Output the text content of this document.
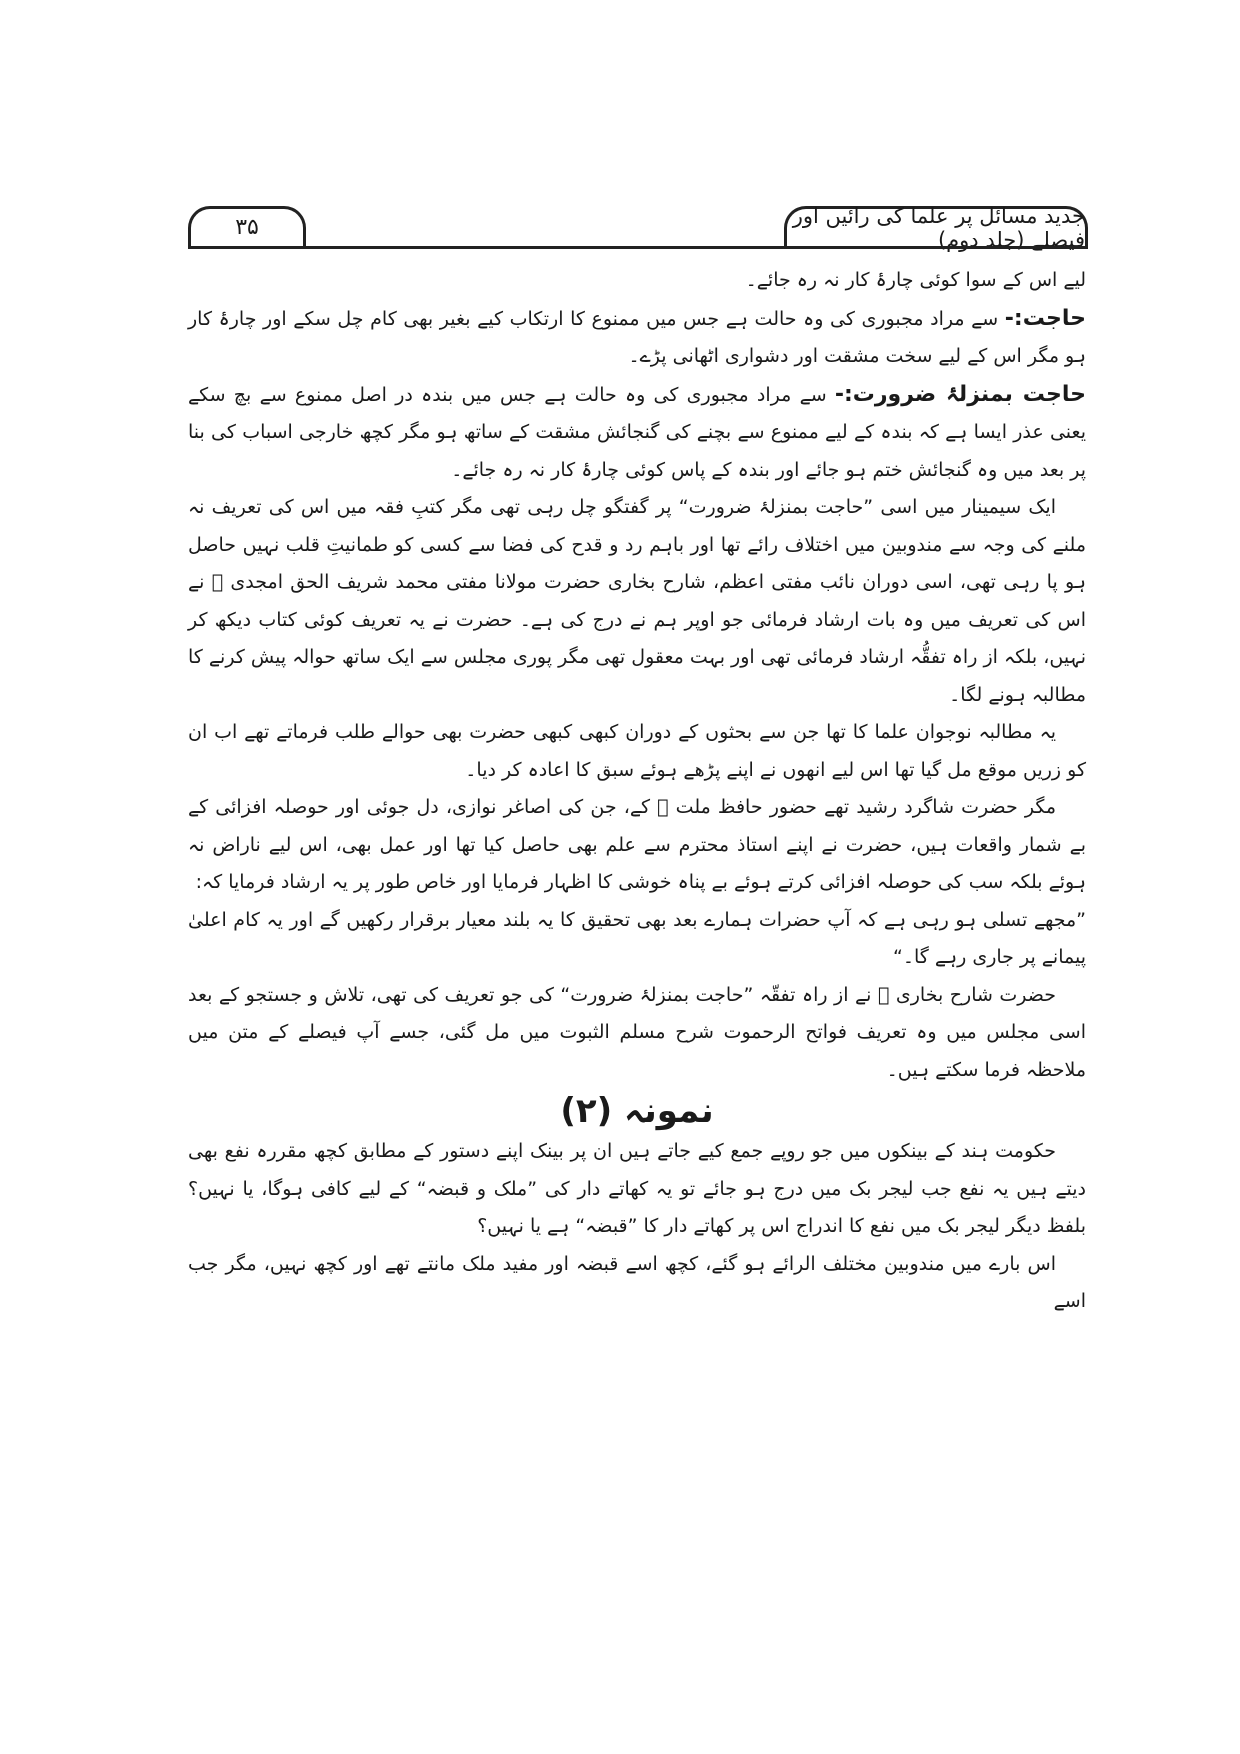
جدید مسائل پر علما کی رائیں اور فیصلے (جلد دوم)
۳۵

لیے اس کے سوا کوئی چارۂ کار نہ رہ جائے۔

حاجت:- سے مراد مجبوری کی وہ حالت ہے جس میں ممنوع کا ارتکاب کیے بغیر بھی کام چل سکے اور چارۂ کار ہو مگر اس کے لیے سخت مشقت اور دشواری اٹھانی پڑے۔

حاجت بمنزلۂ ضرورت:- سے مراد مجبوری کی وہ حالت ہے جس میں بندہ در اصل ممنوع سے بچ سکے یعنی عذر ایسا ہے کہ بندہ کے لیے ممنوع سے بچنے کی گنجائش مشقت کے ساتھ ہو مگر کچھ خارجی اسباب کی بنا پر بعد میں وہ گنجائش ختم ہو جائے اور بندہ کے پاس کوئی چارۂ کار نہ رہ جائے۔

ایک سیمینار میں اسی ”حاجت بمنزلۂ ضرورت“ پر گفتگو چل رہی تھی مگر کتبِ فقہ میں اس کی تعریف نہ ملنے کی وجہ سے مندوبین میں اختلاف رائے تھا اور باہم رد و قدح کی فضا سے کسی کو طمانیتِ قلب نہیں حاصل ہو پا رہی تھی، اسی دوران نائب مفتی اعظم، شارح بخاری حضرت مولانا مفتی محمد شریف الحق امجدی ﷫ نے اس کی تعریف میں وہ بات ارشاد فرمائی جو اوپر ہم نے درج کی ہے۔ حضرت نے یہ تعریف کوئی کتاب دیکھ کر نہیں، بلکہ از راہ تفقُّہ ارشاد فرمائی تھی اور بہت معقول تھی مگر پوری مجلس سے ایک ساتھ حوالہ پیش کرنے کا مطالبہ ہونے لگا۔

یہ مطالبہ نوجوان علما کا تھا جن سے بحثوں کے دوران کبھی کبھی حضرت بھی حوالے طلب فرماتے تھے اب ان کو زریں موقع مل گیا تھا اس لیے انھوں نے اپنے پڑھے ہوئے سبق کا اعادہ کر دیا۔

مگر حضرت شاگرد رشید تھے حضور حافظ ملت ﷫ کے، جن کی اصاغر نوازی، دل جوئی اور حوصلہ افزائی کے بے شمار واقعات ہیں، حضرت نے اپنے استاذ محترم سے علم بھی حاصل کیا تھا اور عمل بھی، اس لیے ناراض نہ ہوئے بلکہ سب کی حوصلہ افزائی کرتے ہوئے بے پناہ خوشی کا اظہار فرمایا اور خاص طور پر یہ ارشاد فرمایا کہ:

”مجھے تسلی ہو رہی ہے کہ آپ حضرات ہمارے بعد بھی تحقیق کا یہ بلند معیار برقرار رکھیں گے اور یہ کام اعلیٰ پیمانے پر جاری رہے گا۔“

حضرت شارح بخاری ﷫ نے از راہ تفقّہ ”حاجت بمنزلۂ ضرورت“ کی جو تعریف کی تھی، تلاش و جستجو کے بعد اسی مجلس میں وہ تعریف فواتح الرحموت شرح مسلم الثبوت میں مل گئی، جسے آپ فیصلے کے متن میں ملاحظہ فرما سکتے ہیں۔

نمونہ (۲)

حکومت ہند کے بینکوں میں جو روپے جمع کیے جاتے ہیں ان پر بینک اپنے دستور کے مطابق کچھ مقررہ نفع بھی دیتے ہیں یہ نفع جب لیجر بک میں درج ہو جائے تو یہ کھاتے دار کی ”ملک و قبضہ“ کے لیے کافی ہوگا، یا نہیں؟ بلفظ دیگر لیجر بک میں نفع کا اندراج اس پر کھاتے دار کا ”قبضہ“ ہے یا نہیں؟

اس بارے میں مندوبین مختلف الرائے ہو گئے، کچھ اسے قبضہ اور مفید ملک مانتے تھے اور کچھ نہیں، مگر جب اسے
